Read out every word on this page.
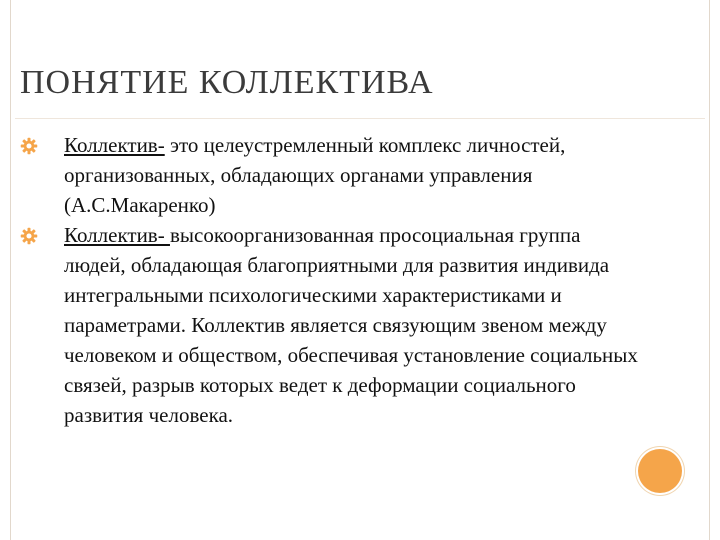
ПОНЯТИЕ КОЛЛЕКТИВА
Коллектив- это целеустремленный комплекс личностей, организованных, обладающих органами управления (А.С.Макаренко)
Коллектив- высокоорганизованная просоциальная группа людей, обладающая благоприятными для развития индивида интегральными психологическими характеристиками и параметрами. Коллектив является связующим звеном между человеком и обществом, обеспечивая установление социальных связей, разрыв которых ведет к деформации социального развития человека.
